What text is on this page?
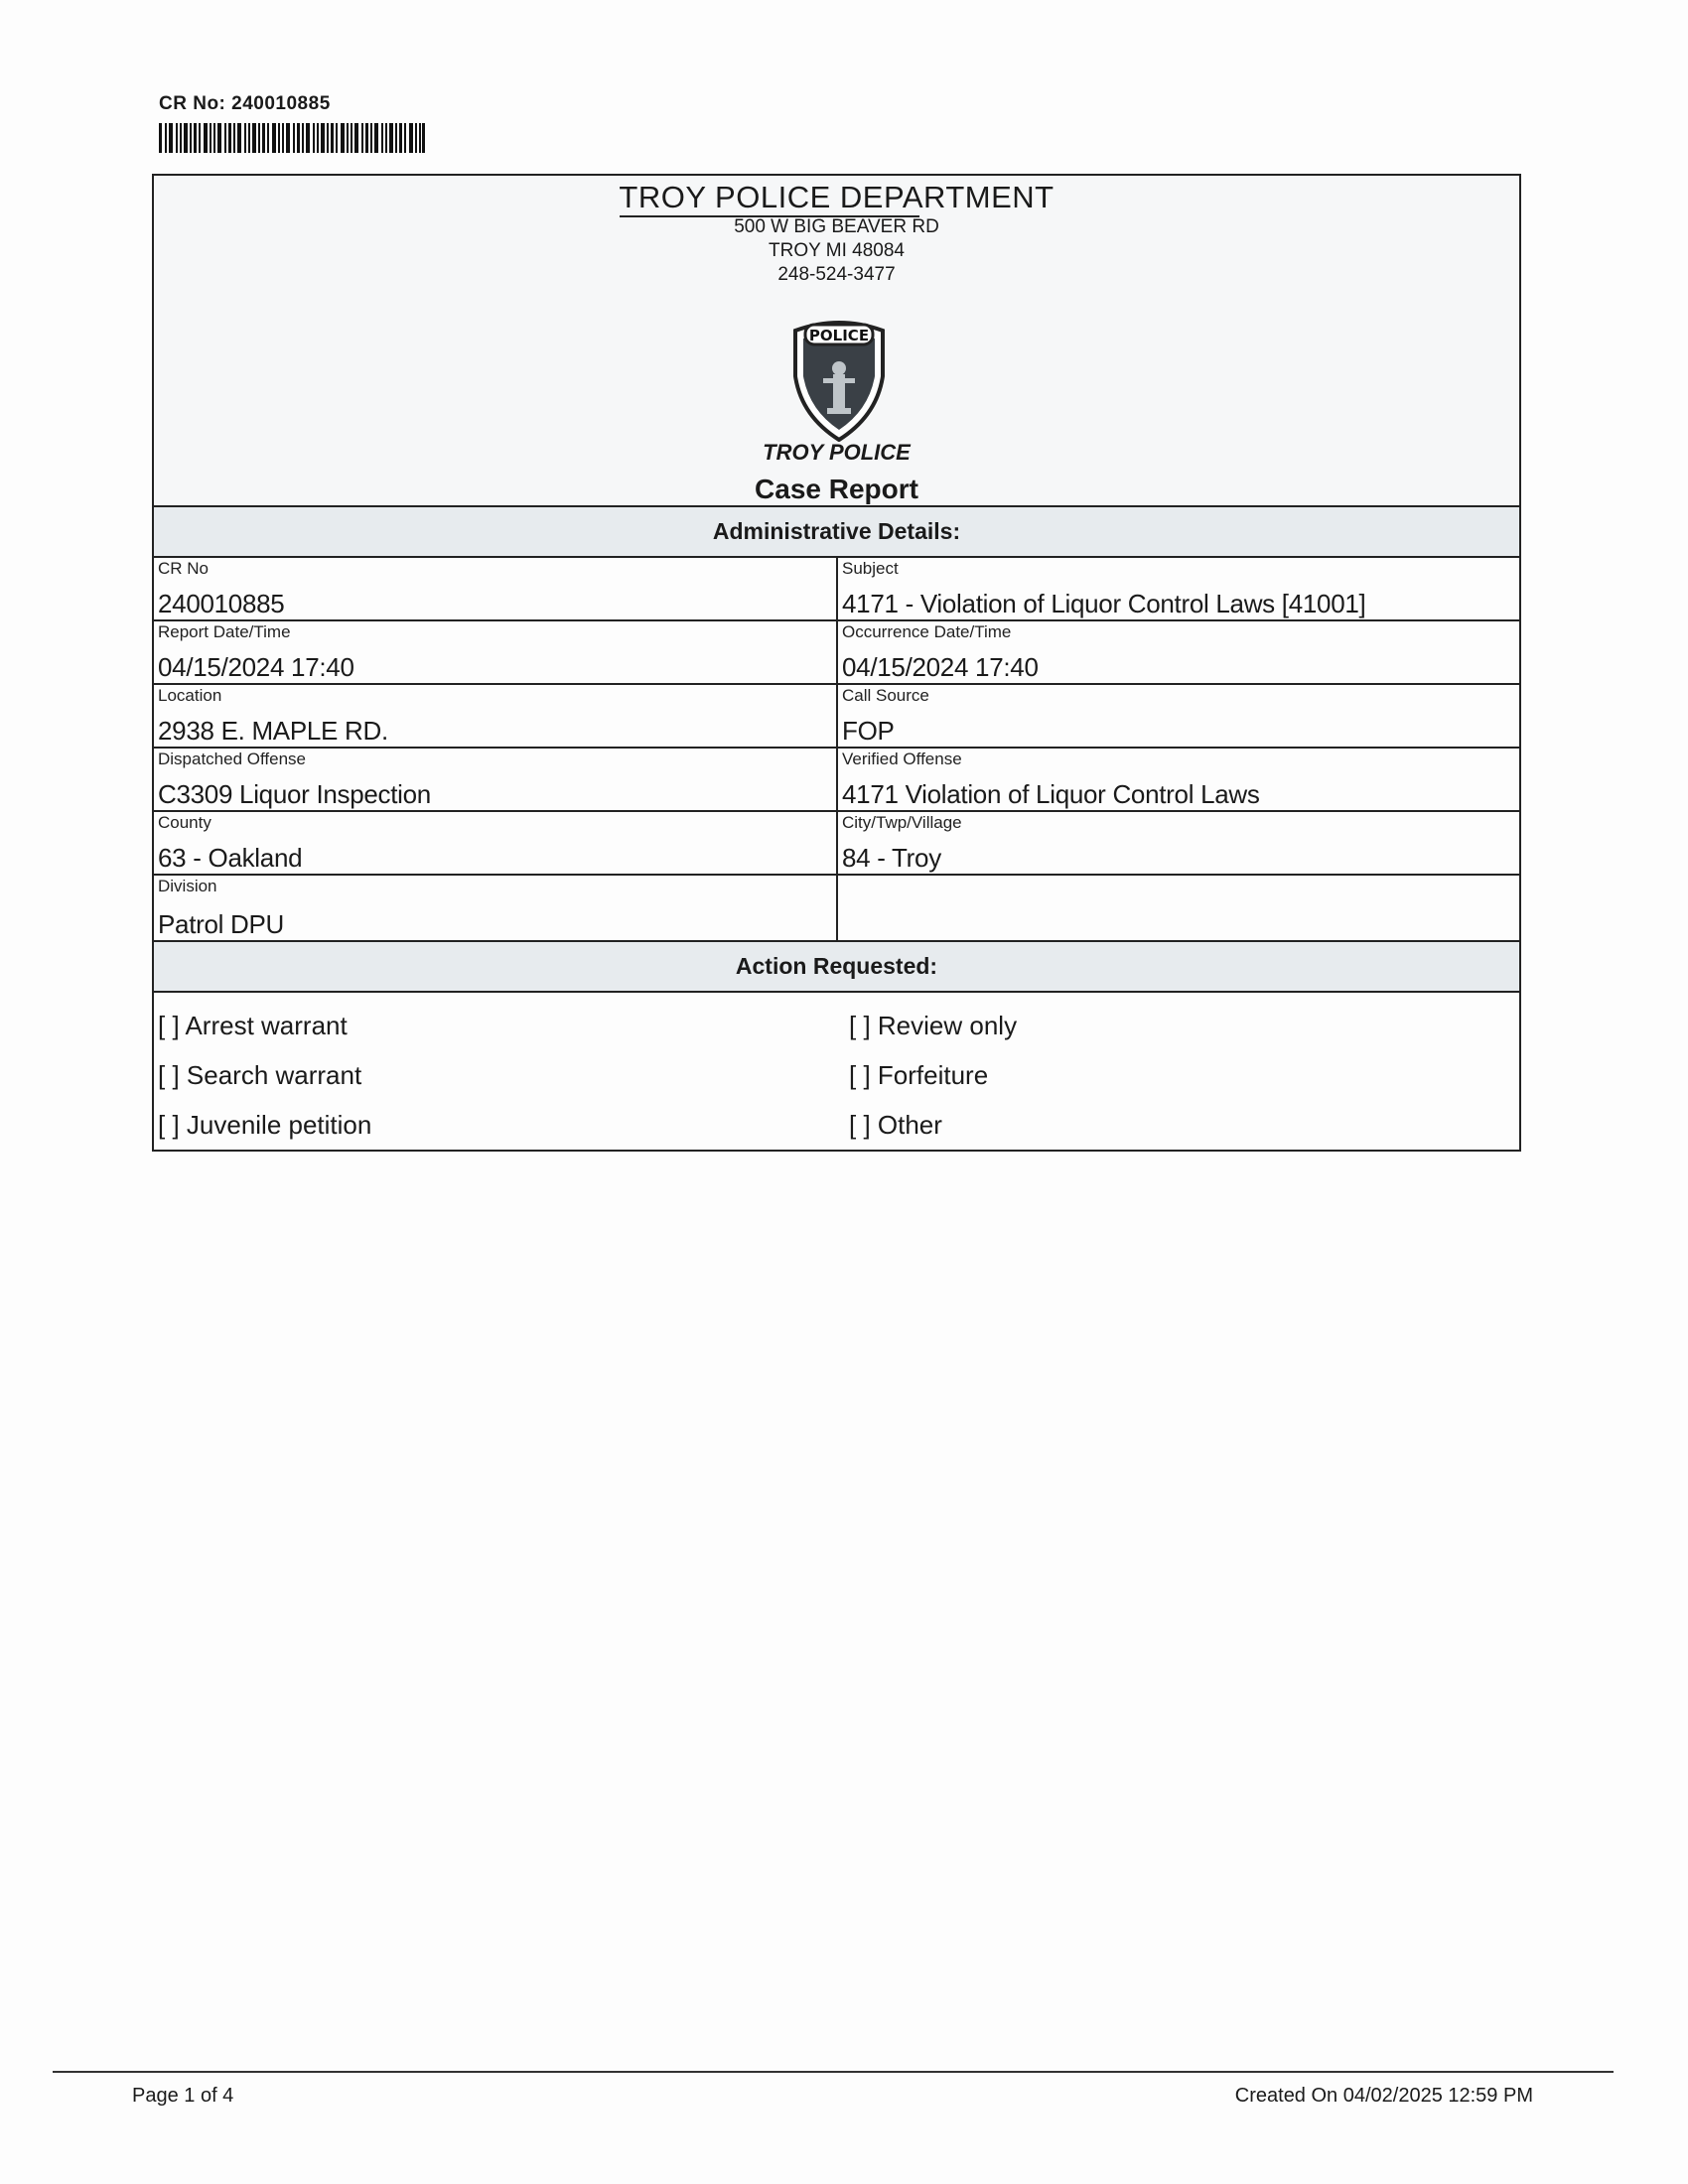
CR No: 240010885
TROY POLICE DEPARTMENT
500 W BIG BEAVER RD
TROY MI 48084
248-524-3477
POLICE
TROY POLICE
Case Report
Administrative Details:
CR No
240010885
Subject
4171 - Violation of Liquor Control Laws [41001]
Report Date/Time
04/15/2024 17:40
Occurrence Date/Time
04/15/2024 17:40
Location
2938 E. MAPLE RD.
Call Source
FOP
Dispatched Offense
C3309 Liquor Inspection
Verified Offense
4171 Violation of Liquor Control Laws
County
63 - Oakland
City/Twp/Village
84 - Troy
Division
Patrol DPU
Action Requested:
[ ] Arrest warrant
[ ] Search warrant
[ ] Juvenile petition
[ ] Review only
[ ] Forfeiture
[ ] Other
Page 1 of 4	Created On 04/02/2025 12:59 PM
